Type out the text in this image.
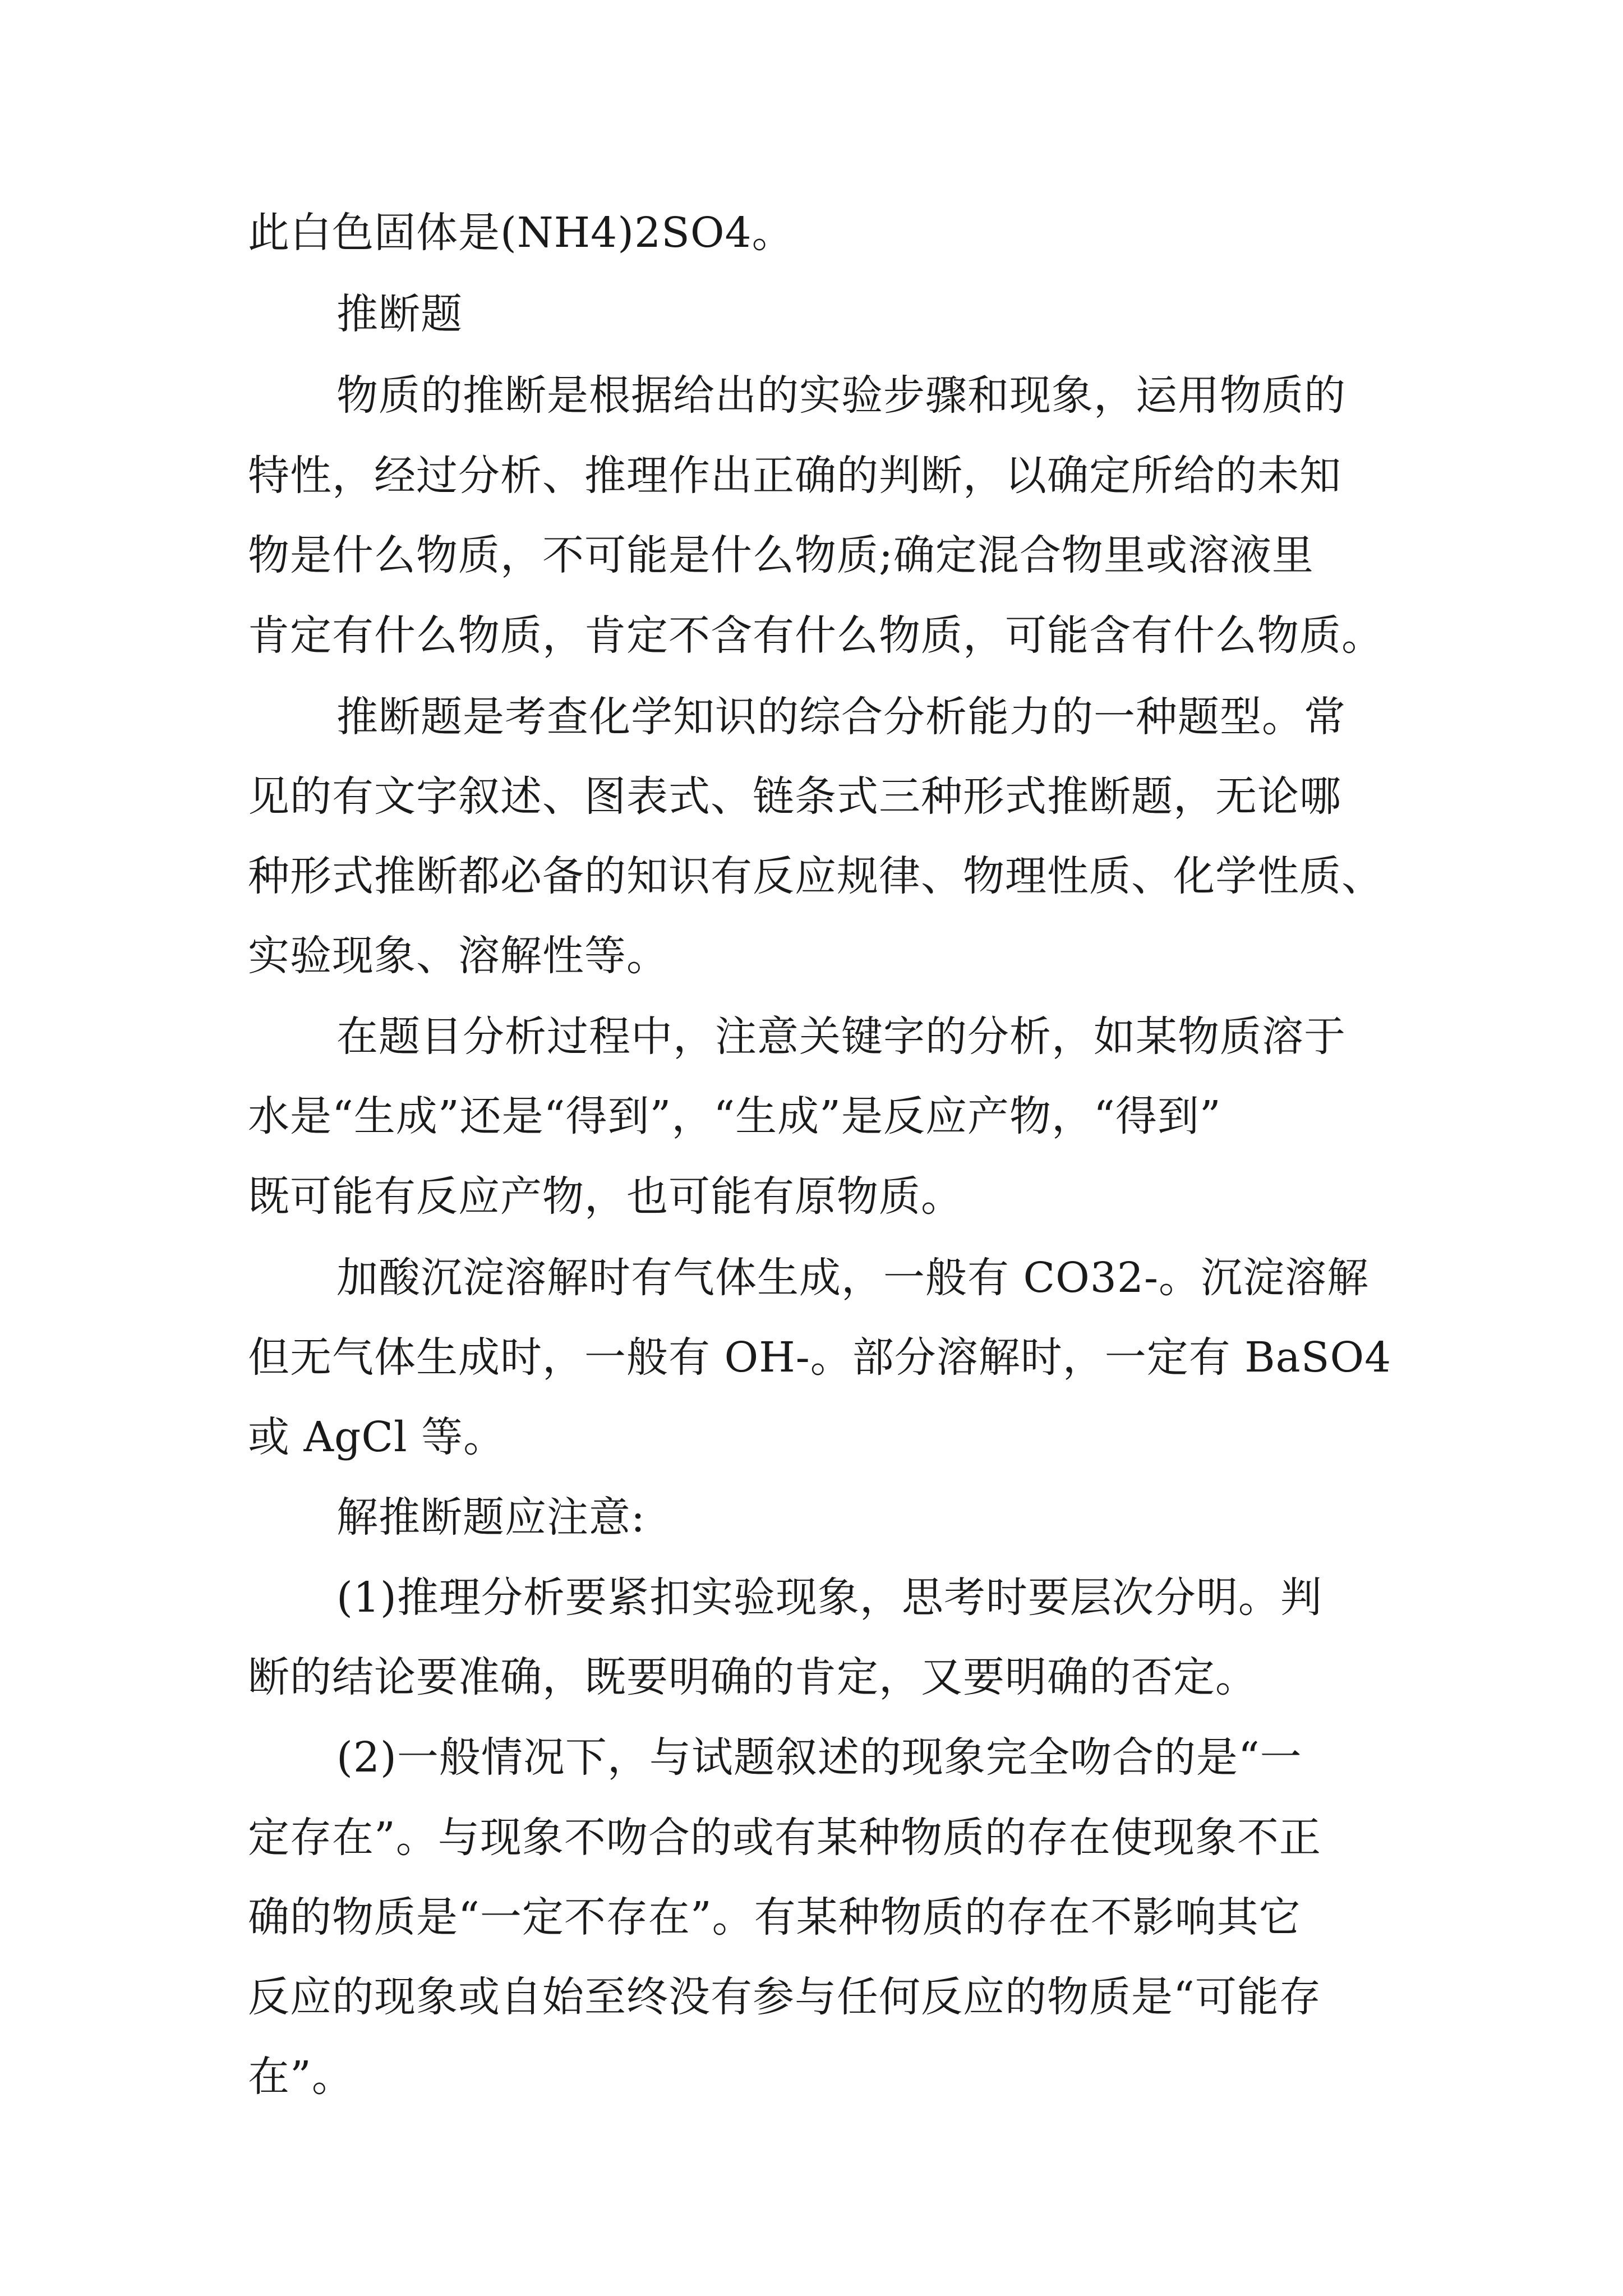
此白色固体是(NH4)2SO4。
推断题
物质的推断是根据给出的实验步骤和现象，运用物质的
特性，经过分析、推理作出正确的判断，以确定所给的未知
物是什么物质，不可能是什么物质;确定混合物里或溶液里
肯定有什么物质，肯定不含有什么物质，可能含有什么物质。
推断题是考查化学知识的综合分析能力的一种题型。常
见的有文字叙述、图表式、链条式三种形式推断题，无论哪
种形式推断都必备的知识有反应规律、物理性质、化学性质、
实验现象、溶解性等。
在题目分析过程中，注意关键字的分析，如某物质溶于
水是“生成”还是“得到”，“生成”是反应产物，“得到”
既可能有反应产物，也可能有原物质。
加酸沉淀溶解时有气体生成，一般有 CO32-。沉淀溶解
但无气体生成时，一般有 OH-。部分溶解时，一定有 BaSO4
或 AgCl 等。
解推断题应注意:
(1)推理分析要紧扣实验现象，思考时要层次分明。判
断的结论要准确，既要明确的肯定，又要明确的否定。
(2)一般情况下，与试题叙述的现象完全吻合的是“一
定存在”。与现象不吻合的或有某种物质的存在使现象不正
确的物质是“一定不存在”。有某种物质的存在不影响其它
反应的现象或自始至终没有参与任何反应的物质是“可能存
在”。
